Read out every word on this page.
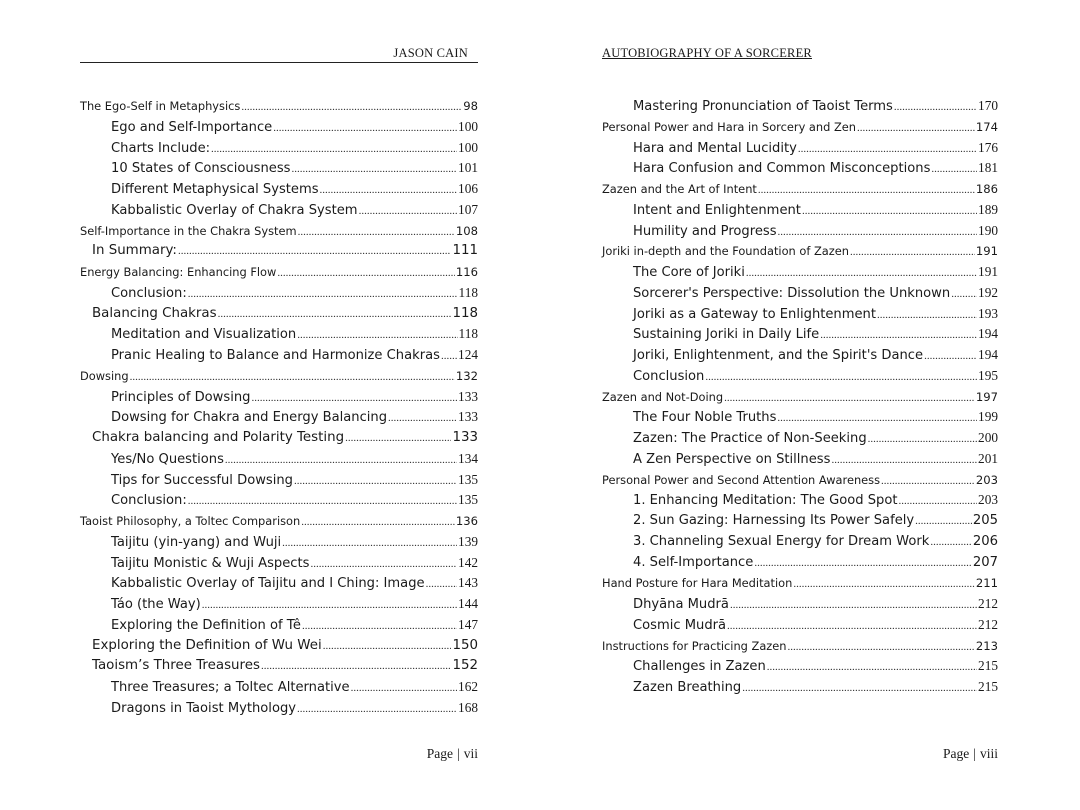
JASON CAIN
The Ego-Self in Metaphysics .....	98
Ego and Self-Importance .....	100
Charts Include: .....	100
10 States of Consciousness .....	101
Different Metaphysical Systems .....	106
Kabbalistic Overlay of Chakra System .....	107
Self-Importance in the Chakra System .....	108
In Summary: .....	111
Energy Balancing: Enhancing Flow .....	116
Conclusion: .....	118
Balancing Chakras .....	118
Meditation and Visualization .....	118
Pranic Healing to Balance and Harmonize Chakras ..... 124
Dowsing .....	132
Principles of Dowsing .....	133
Dowsing for Chakra and Energy Balancing .....	133
Chakra balancing and Polarity Testing .....	133
Yes/No Questions .....	134
Tips for Successful Dowsing .....	135
Conclusion: .....	135
Taoist Philosophy, a Toltec Comparison .....	136
Taijitu (yin-yang) and Wuji .....	139
Taijitu Monistic & Wuji Aspects .....	142
Kabbalistic Overlay of Taijitu and I Ching: Image .....	143
Táo (the Way) .....	144
Exploring the Definition of Tê .....	147
Exploring the Definition of Wu Wei .....	150
Taoism’s Three Treasures .....	152
Three Treasures; a Toltec Alternative .....	162
Dragons in Taoist Mythology .....	168
Page | vii
AUTOBIOGRAPHY OF A SORCERER
Mastering Pronunciation of Taoist Terms .....	170
Personal Power and Hara in Sorcery and Zen .....	174
Hara and Mental Lucidity .....	176
Hara Confusion and Common Misconceptions .....	181
Zazen and the Art of Intent .....	186
Intent and Enlightenment .....	189
Humility and Progress .....	190
Joriki in-depth and the Foundation of Zazen .....	191
The Core of Joriki .....	191
Sorcerer's Perspective: Dissolution the Unknown ..... 192
Joriki as a Gateway to Enlightenment .....	193
Sustaining Joriki in Daily Life .....	194
Joriki, Enlightenment, and the Spirit's Dance .....	194
Conclusion .....	195
Zazen and Not-Doing .....	197
The Four Noble Truths .....	199
Zazen: The Practice of Non-Seeking .....	200
A Zen Perspective on Stillness .....	201
Personal Power and Second Attention Awareness .....	203
1. Enhancing Meditation: The Good Spot .....	203
2. Sun Gazing: Harnessing Its Power Safely .....	205
3. Channeling Sexual Energy for Dream Work .....	206
4. Self-Importance .....	207
Hand Posture for Hara Meditation .....	211
Dhyāna Mudrā .....	212
Cosmic Mudrā .....	212
Instructions for Practicing Zazen .....	213
Challenges in Zazen .....	215
Zazen Breathing .....	215
Page | viii
